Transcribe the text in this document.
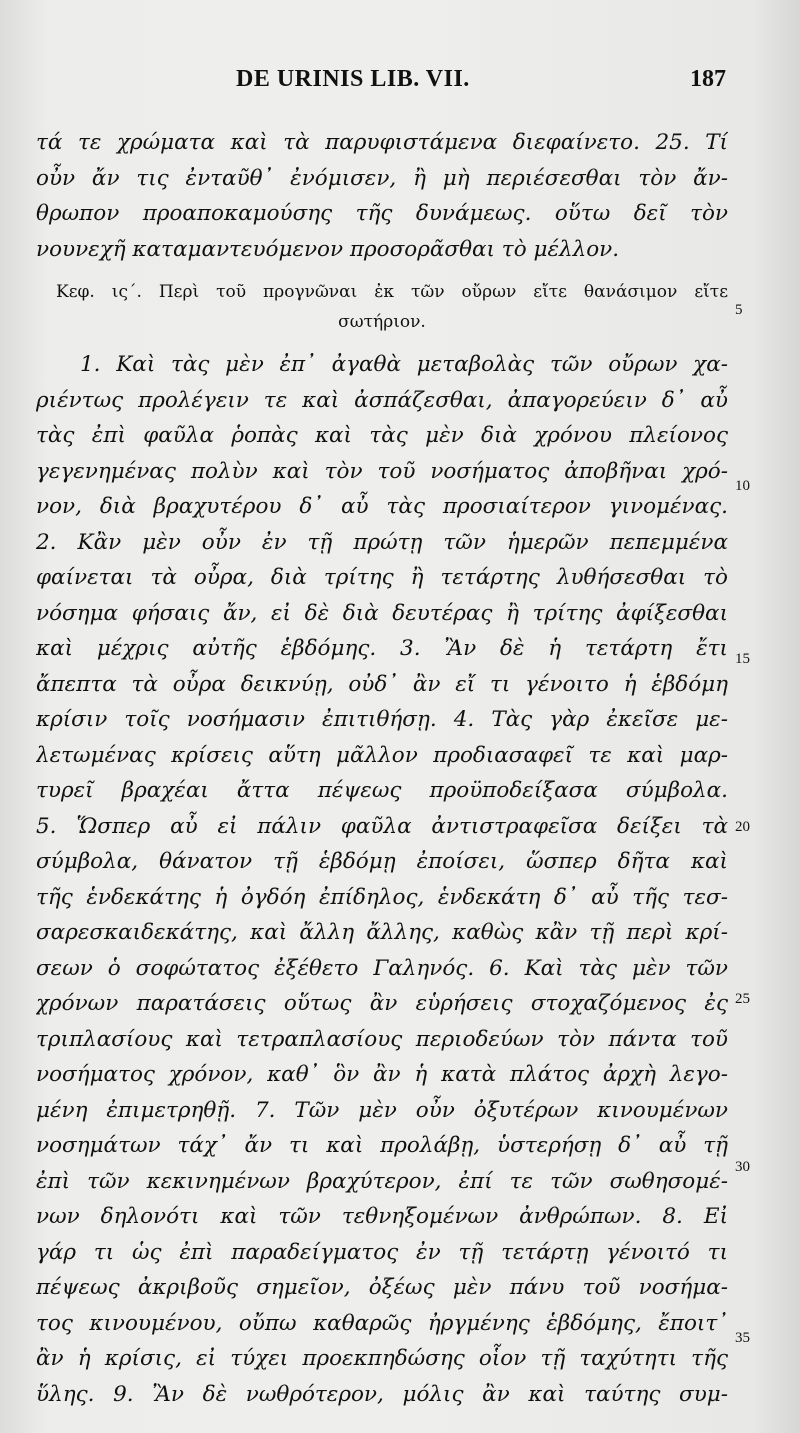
DE URINIS LIB. VII.	187
τά τε χρώματα καὶ τὰ παρυφιστάμενα διεφαίνετο. 25. Τί
οὖν ἄν τις ἐνταῦθ᾽ ἐνόμισεν, ἢ μὴ περιέσεσθαι τὸν ἄν-
θρωπον προαποκαμούσης τῆς δυνάμεως. οὕτω δεῖ τὸν
νουνεχῆ καταμαντευόμενον προσορᾶσθαι τὸ μέλλον.
Κεφ. ις΄. Περὶ τοῦ προγνῶναι ἐκ τῶν οὔρων εἴτε θανάσιμον εἴτε
σωτήριον.
1. Καὶ τὰς μὲν ἐπ᾽ ἀγαθὰ μεταβολὰς τῶν οὔρων χα-
ριέντως προλέγειν τε καὶ ἀσπάζεσθαι, ἀπαγορεύειν δ᾽ αὖ
τὰς ἐπὶ φαῦλα ῥοπὰς καὶ τὰς μὲν διὰ χρόνου πλείονος
γεγενημένας πολὺν καὶ τὸν τοῦ νοσήματος ἀποβῆναι χρό-
νον, διὰ βραχυτέρου δ᾽ αὖ τὰς προσιαίτερον γινομένας.
2. Κἂν μὲν οὖν ἐν τῇ πρώτῃ τῶν ἡμερῶν πεπεμμένα
φαίνεται τὰ οὖρα, διὰ τρίτης ἢ τετάρτης λυθήσεσθαι τὸ
νόσημα φήσαις ἄν, εἰ δὲ διὰ δευτέρας ἢ τρίτης ἀφίξεσθαι
καὶ μέχρις αὐτῆς ἑβδόμης. 3. Ἂν δὲ ἡ τετάρτη ἔτι
ἄπεπτα τὰ οὖρα δεικνύῃ, οὐδ᾽ ἂν εἴ τι γένοιτο ἡ ἑβδόμη
κρίσιν τοῖς νοσήμασιν ἐπιτιθήσῃ. 4. Τὰς γὰρ ἐκεῖσε με-
λετωμένας κρίσεις αὕτη μᾶλλον προδιασαφεῖ τε καὶ μαρ-
τυρεῖ βραχέαι ἄττα πέψεως προϋποδείξασα σύμβολα.
5. Ὥσπερ αὖ εἰ πάλιν φαῦλα ἀντιστραφεῖσα δείξει τὰ
σύμβολα, θάνατον τῇ ἑβδόμῃ ἐποίσει, ὥσπερ δῆτα καὶ
τῆς ἑνδεκάτης ἡ ὀγδόη ἐπίδηλος, ἑνδεκάτη δ᾽ αὖ τῆς τεσ-
σαρεσκαιδεκάτης, καὶ ἄλλη ἄλλης, καθὼς κἂν τῇ περὶ κρί-
σεων ὁ σοφώτατος ἐξέθετο Γαληνός. 6. Καὶ τὰς μὲν τῶν
χρόνων παρατάσεις οὕτως ἂν εὑρήσεις στοχαζόμενος ἐς
τριπλασίους καὶ τετραπλασίους περιοδεύων τὸν πάντα τοῦ
νοσήματος χρόνον, καθ᾽ ὃν ἂν ἡ κατὰ πλάτος ἀρχὴ λεγο-
μένη ἐπιμετρηθῇ. 7. Τῶν μὲν οὖν ὀξυτέρων κινουμένων
νοσημάτων τάχ᾽ ἄν τι καὶ προλάβῃ, ὑστερήσῃ δ᾽ αὖ τῇ
ἐπὶ τῶν κεκινημένων βραχύτερον, ἐπί τε τῶν σωθησομέ-
νων δηλονότι καὶ τῶν τεθνηξομένων ἀνθρώπων. 8. Εἰ
γάρ τι ὡς ἐπὶ παραδείγματος ἐν τῇ τετάρτῃ γένοιτό τι
πέψεως ἀκριβοῦς σημεῖον, ὀξέως μὲν πάνυ τοῦ νοσήμα-
τος κινουμένου, οὔπω καθαρῶς ἠργμένης ἑβδόμης, ἔποιτ᾽
ἂν ἡ κρίσις, εἰ τύχει προεκπηδώσης οἷον τῇ ταχύτητι τῆς
ὕλης. 9. Ἂν δὲ νωθρότερον, μόλις ἂν καὶ ταύτης συμ-
5
10
15
20
25
30
35
